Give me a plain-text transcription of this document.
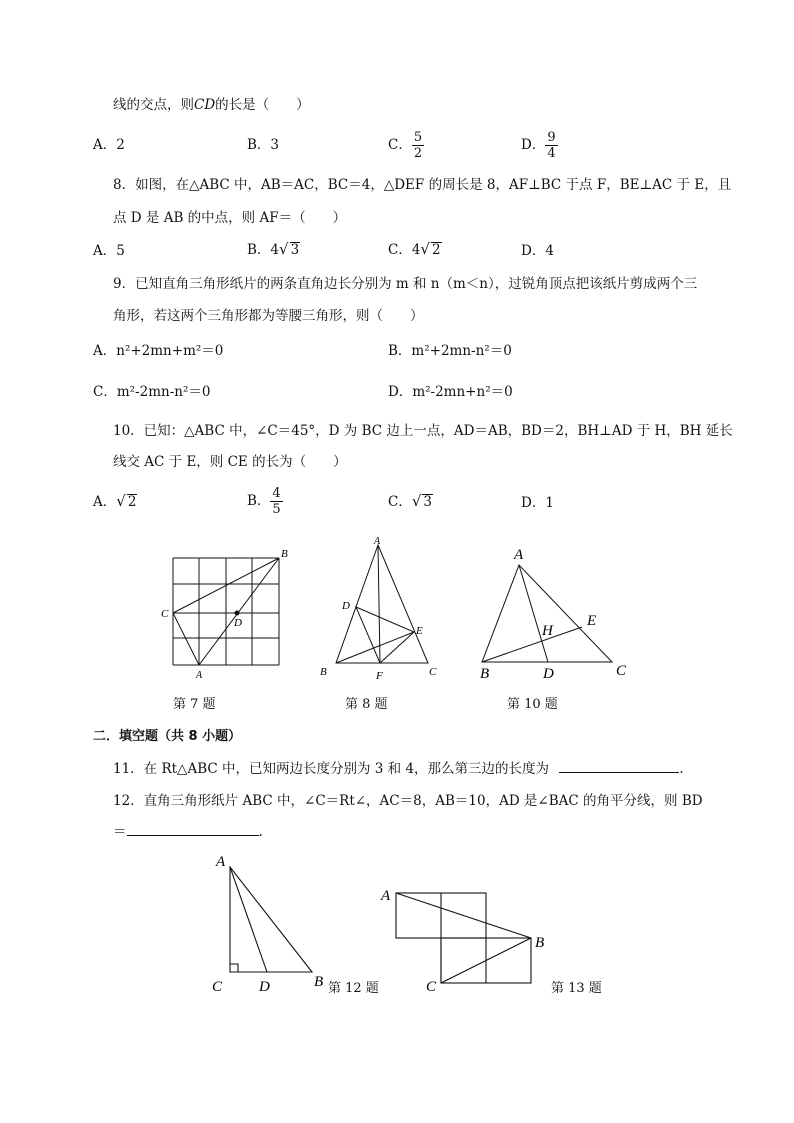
线的交点，则CD的长是（　　）
A．2	B．3	C． $\frac{5}{2}$	D． $\frac{9}{4}$
8．如图，在△ABC 中，AB＝AC，BC＝4，△DEF 的周长是 8，AF⊥BC 于点 F，BE⊥AC 于 E，且
点 D 是 AB 的中点，则 AF＝（　　）
A．5	B．4√ 3	C．4√ 2	D．4
9．已知直角三角形纸片的两条直角边长分别为 m 和 n（m＜n），过锐角顶点把该纸片剪成两个三
角形，若这两个三角形都为等腰三角形，则（　　）
A．n²+2mn+m²＝0	B．m²+2mn-n²＝0
C．m²-2mn-n²＝0	D．m²-2mn+n²＝0
10．已知：△ABC 中，∠C＝45°，D 为 BC 边上一点，AD＝AB，BD＝2，BH⊥AD 于 H，BH 延长
线交 AC 于 E，则 CE 的长为（　　）
A．√ 2	B． $\frac{4}{5}$	C．√ 3	D．1
B
C
D
A
A
D
E
B	F	C
A
E
H
B	D	C
第 7 题	第 8 题	第 10 题
二．填空题（共 8 小题）
11．在 Rt△ABC 中，已知两边长度分别为 3 和 4，那么第三边的长度为	.
12．直角三角形纸片 ABC 中，∠C＝Rt∠，AC＝8，AB＝10，AD 是∠BAC 的角平分线，则 BD
＝	.
A
C D	B
A
B
C
第 12 题	第 13 题
